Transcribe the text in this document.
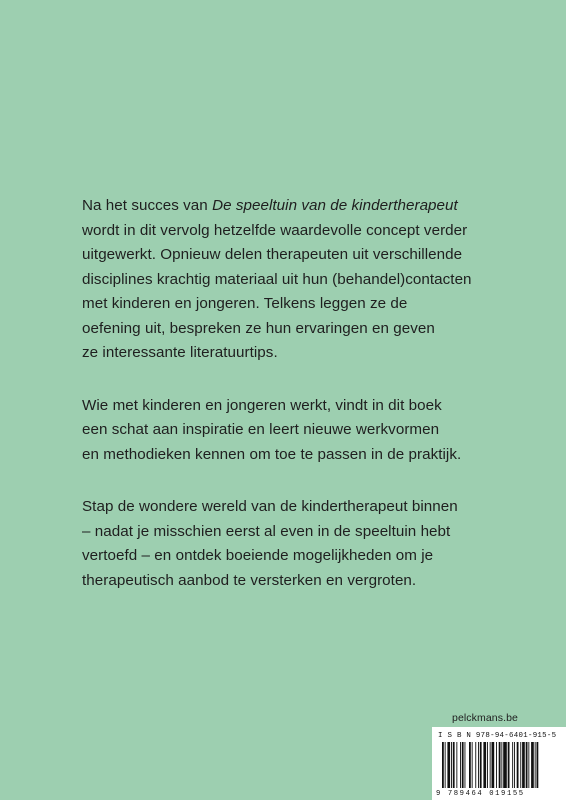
Na het succes van De speeltuin van de kindertherapeut
wordt in dit vervolg hetzelfde waardevolle concept verder
uitgewerkt. Opnieuw delen therapeuten uit verschillende
disciplines krachtig materiaal uit hun (behandel)contacten
met kinderen en jongeren. Telkens leggen ze de
oefening uit, bespreken ze hun ervaringen en geven
ze interessante literatuurtips.

Wie met kinderen en jongeren werkt, vindt in dit boek
een schat aan inspiratie en leert nieuwe werkvormen
en methodieken kennen om toe te passen in de praktijk.

Stap de wondere wereld van de kindertherapeut binnen
– nadat je misschien eerst al even in de speeltuin hebt
vertoefd – en ontdek boeiende mogelijkheden om je
therapeutisch aanbod te versterken en vergroten.

pelckmans.be
I S B N 978-94-6401-915-5
9 789464 019155
